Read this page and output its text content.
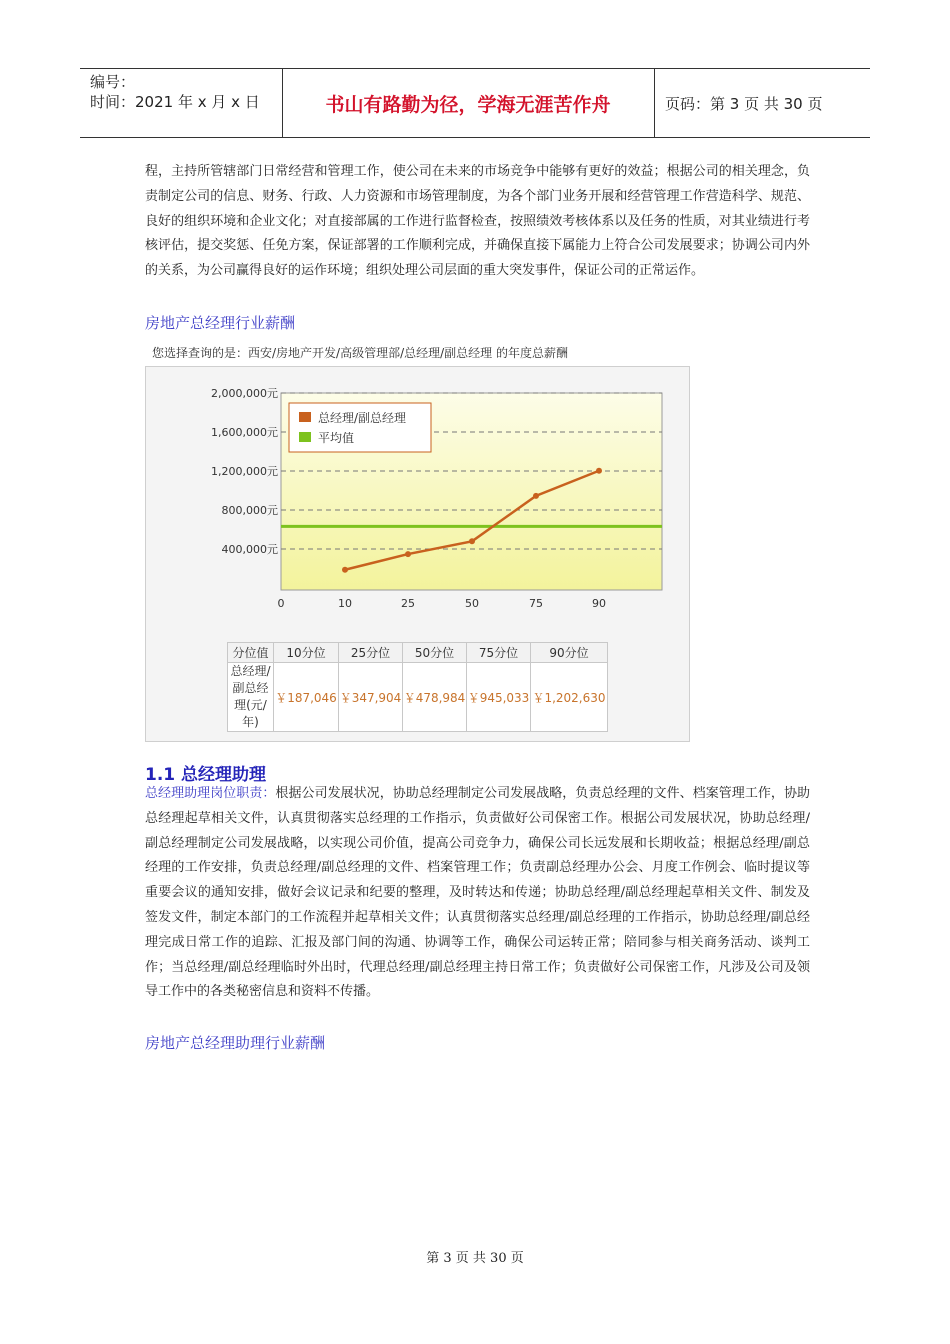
编号：
时间：2021 年 x 月 x 日	书山有路勤为径，学海无涯苦作舟	页码：第 3 页 共 30 页
程，主持所管辖部门日常经营和管理工作，使公司在未来的市场竞争中能够有更好的效益；根据公司的相关理念，负责制定公司的信息、财务、行政、人力资源和市场管理制度，为各个部门业务开展和经营管理工作营造科学、规范、良好的组织环境和企业文化；对直接部属的工作进行监督检查，按照绩效考核体系以及任务的性质，对其业绩进行考核评估，提交奖惩、任免方案，保证部署的工作顺利完成，并确保直接下属能力上符合公司发展要求；协调公司内外的关系，为公司赢得良好的运作环境；组织处理公司层面的重大突发事件，保证公司的正常运作。
房地产总经理行业薪酬
您选择查询的是：西安/房地产开发/高级管理部/总经理/副总经理 的年度总薪酬
2,000,000元
1,600,000元
1,200,000元
800,000元
400,000元
0	10	25	50	75	90
总经理/副总经理
平均值
分位值	10分位	25分位	50分位	75分位	90分位

总经理/
副总经
理(元/
年)	￥187,046	￥347,904	￥478,984	￥945,033	￥1,202,630
1.1 总经理助理
总经理助理岗位职责：根据公司发展状况，协助总经理制定公司发展战略，负责总经理的文件、档案管理工作，协助总经理起草相关文件，认真贯彻落实总经理的工作指示，负责做好公司保密工作。根据公司发展状况，协助总经理/副总经理制定公司发展战略，以实现公司价值，提高公司竞争力，确保公司长远发展和长期收益；根据总经理/副总经理的工作安排，负责总经理/副总经理的文件、档案管理工作；负责副总经理办公会、月度工作例会、临时提议等重要会议的通知安排，做好会议记录和纪要的整理，及时转达和传递；协助总经理/副总经理起草相关文件、制发及签发文件，制定本部门的工作流程并起草相关文件；认真贯彻落实总经理/副总经理的工作指示，协助总经理/副总经理完成日常工作的追踪、汇报及部门间的沟通、协调等工作，确保公司运转正常；陪同参与相关商务活动、谈判工作；当总经理/副总经理临时外出时，代理总经理/副总经理主持日常工作；负责做好公司保密工作，凡涉及公司及领导工作中的各类秘密信息和资料不传播。
房地产总经理助理行业薪酬
第 3 页 共 30 页
